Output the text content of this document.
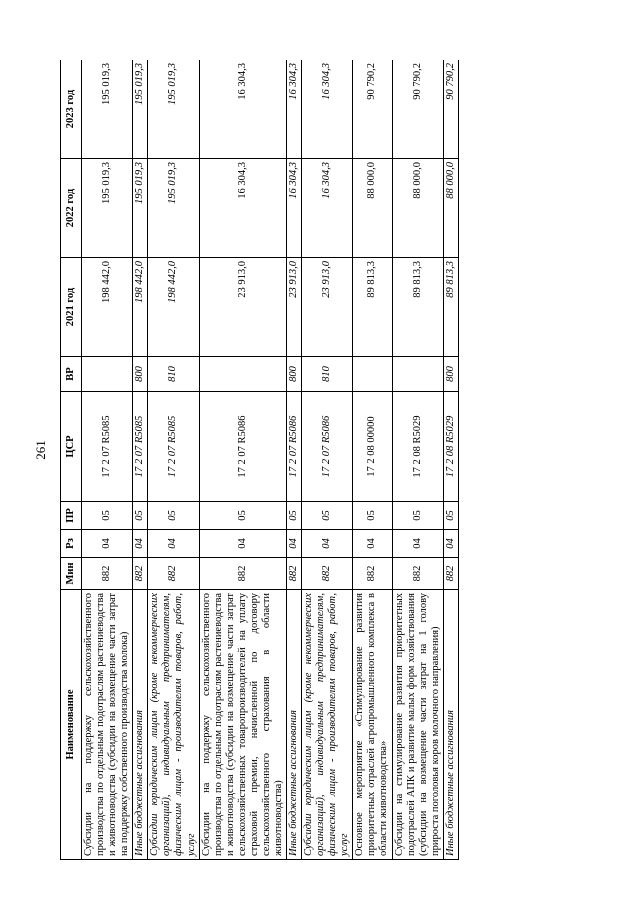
261
Наименование	Мин	Рз	ПР	ЦСР	ВР	2021 год	2022 год	2023 год
Субсидии на поддержку сельскохозяйственного производства по отдельным подотраслям растениеводства и животноводства (субсидии на возмещение части затрат на поддержку собственного производства молока)	882	04	05	17 2 07 R5085		198 442,0	195 019,3	195 019,3
Иные бюджетные ассигнования	882	04	05	17 2 07 R5085	800	198 442,0	195 019,3	195 019,3
Субсидии юридическим лицам (кроме некоммерческих организаций), индивидуальным предпринимателям, физическим лицам - производителям товаров, работ, услуг	882	04	05	17 2 07 R5085	810	198 442,0	195 019,3	195 019,3
Субсидии на поддержку сельскохозяйственного производства по отдельным подотраслям растениеводства и животноводства (субсидии на возмещение части затрат сельскохозяйственных товаропроизводителей на уплату страховой премии, начисленной по договору сельскохозяйственного страхования в области животноводства)	882	04	05	17 2 07 R5086		23 913,0	16 304,3	16 304,3
Иные бюджетные ассигнования	882	04	05	17 2 07 R5086	800	23 913,0	16 304,3	16 304,3
Субсидии юридическим лицам (кроме некоммерческих организаций), индивидуальным предпринимателям, физическим лицам - производителям товаров, работ, услуг	882	04	05	17 2 07 R5086	810	23 913,0	16 304,3	16 304,3
Основное мероприятие «Стимулирование развития приоритетных отраслей агропромышленного комплекса в области животноводства»	882	04	05	17 2 08 00000		89 813,3	88 000,0	90 790,2
Субсидии на стимулирование развития приоритетных подотраслей АПК и развитие малых форм хозяйствования (субсидии на возмещение части затрат на 1 голову прироста поголовья коров молочного направления)	882	04	05	17 2 08 R5029		89 813,3	88 000,0	90 790,2
Иные бюджетные ассигнования	882	04	05	17 2 08 R5029	800	89 813,3	88 000,0	90 790,2
